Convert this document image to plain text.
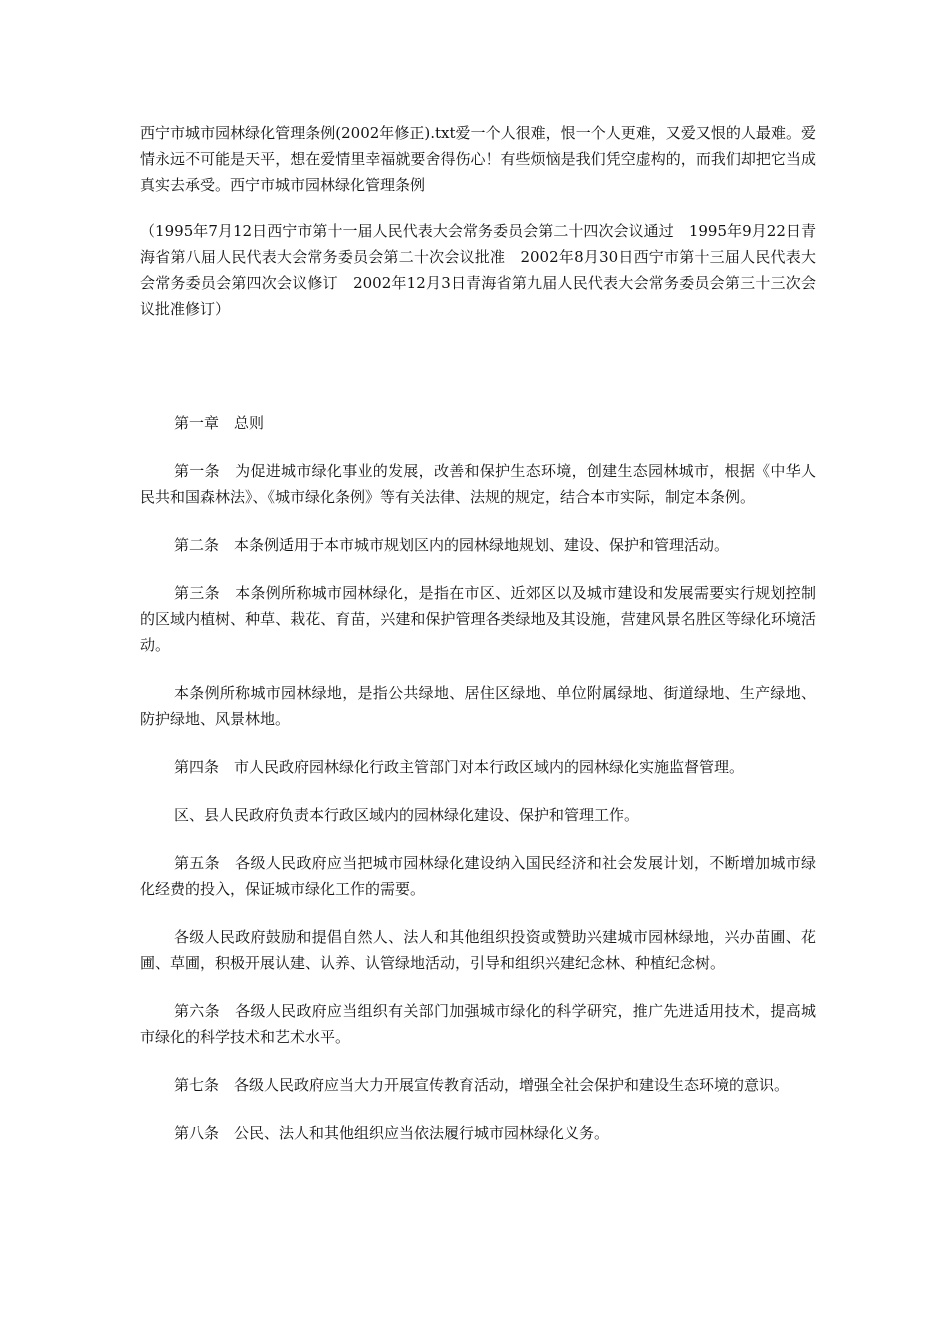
西宁市城市园林绿化管理条例(2002年修正).txt爱一个人很难，恨一个人更难，又爱又恨的人最难。爱情永远不可能是天平，想在爱情里幸福就要舍得伤心！有些烦恼是我们凭空虚构的，而我们却把它当成真实去承受。西宁市城市园林绿化管理条例

（1995年7月12日西宁市第十一届人民代表大会常务委员会第二十四次会议通过　1995年9月22日青海省第八届人民代表大会常务委员会第二十次会议批准　2002年8月30日西宁市第十三届人民代表大会常务委员会第四次会议修订　2002年12月3日青海省第九届人民代表大会常务委员会第三十三次会议批准修订）

第一章　总则

第一条　为促进城市绿化事业的发展，改善和保护生态环境，创建生态园林城市，根据《中华人民共和国森林法》、《城市绿化条例》等有关法律、法规的规定，结合本市实际，制定本条例。

第二条　本条例适用于本市城市规划区内的园林绿地规划、建设、保护和管理活动。

第三条　本条例所称城市园林绿化，是指在市区、近郊区以及城市建设和发展需要实行规划控制的区域内植树、种草、栽花、育苗，兴建和保护管理各类绿地及其设施，营建风景名胜区等绿化环境活动。

本条例所称城市园林绿地，是指公共绿地、居住区绿地、单位附属绿地、街道绿地、生产绿地、防护绿地、风景林地。

第四条　市人民政府园林绿化行政主管部门对本行政区域内的园林绿化实施监督管理。

区、县人民政府负责本行政区域内的园林绿化建设、保护和管理工作。

第五条　各级人民政府应当把城市园林绿化建设纳入国民经济和社会发展计划，不断增加城市绿化经费的投入，保证城市绿化工作的需要。

各级人民政府鼓励和提倡自然人、法人和其他组织投资或赞助兴建城市园林绿地，兴办苗圃、花圃、草圃，积极开展认建、认养、认管绿地活动，引导和组织兴建纪念林、种植纪念树。

第六条　各级人民政府应当组织有关部门加强城市绿化的科学研究，推广先进适用技术，提高城市绿化的科学技术和艺术水平。

第七条　各级人民政府应当大力开展宣传教育活动，增强全社会保护和建设生态环境的意识。

第八条　公民、法人和其他组织应当依法履行城市园林绿化义务。
